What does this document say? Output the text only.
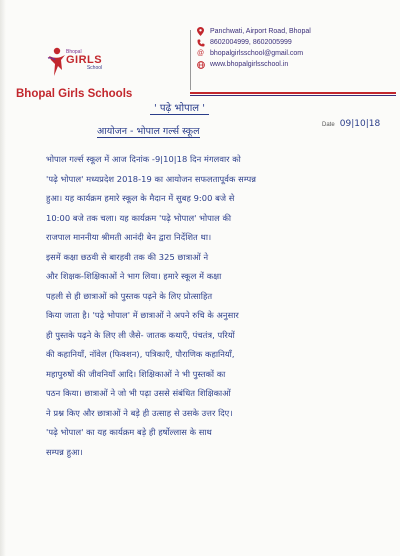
Bhopal
GIRLS
School
Bhopal Girls Schools
Panchwati, Airport Road, Bhopal
8602004999, 8602005999
@ bhopalgirlsschool@gmail.com
www.bhopalgirlsschool.in
' पढ़े भोपाल '
Date 09|10|18
आयोजन - भोपाल गर्ल्स स्कूल
भोपाल गर्ल्स स्कूल में आज दिनांक -9|10|18 दिन मंगलवार को
'पढ़े भोपाल' मध्यप्रदेश 2018-19 का आयोजन सफलतापूर्वक सम्पन्न
हुआ। यह कार्यक्रम हमारे स्कूल के मैदान में सुबह 9:00 बजे से
10:00 बजे तक चला। यह कार्यक्रम 'पढ़े भोपाल' भोपाल की
राजपाल माननीया श्रीमती आनंदी बेन द्वारा निर्देशित था।
इसमें कक्षा छठवी से बारहवी तक की 325 छात्राओं ने
और शिक्षक-शिक्षिकाओं ने भाग लिया। हमारे स्कूल में कक्षा
पहली से ही छात्राओं को पुस्तक पढ़ने के लिए प्रोत्साहित
किया जाता है। 'पढ़े भोपाल' में छात्राओं ने अपने रुचि के अनुसार
ही पुस्तके पढ़ने के लिए ली जैसे- जातक कथाएँ, पंचतंत्र, परियों
की कहानियाँ, नॉवेल (फिक्शन), पत्रिकाएँ, पौराणिक कहानियाँ,
महापुरुषों की जीवनियाँ आदि। शिक्षिकाओं ने भी पुस्तकों का
पठन किया। छात्राओं ने जो भी पढ़ा उससे संबंधित शिक्षिकाओं
ने प्रश्न किए और छात्राओं ने बड़े ही उत्साह से उसके उत्तर दिए।
'पढ़े भोपाल' का यह कार्यक्रम बड़े ही हर्षोल्लास के साथ
सम्पन्न हुआ।
